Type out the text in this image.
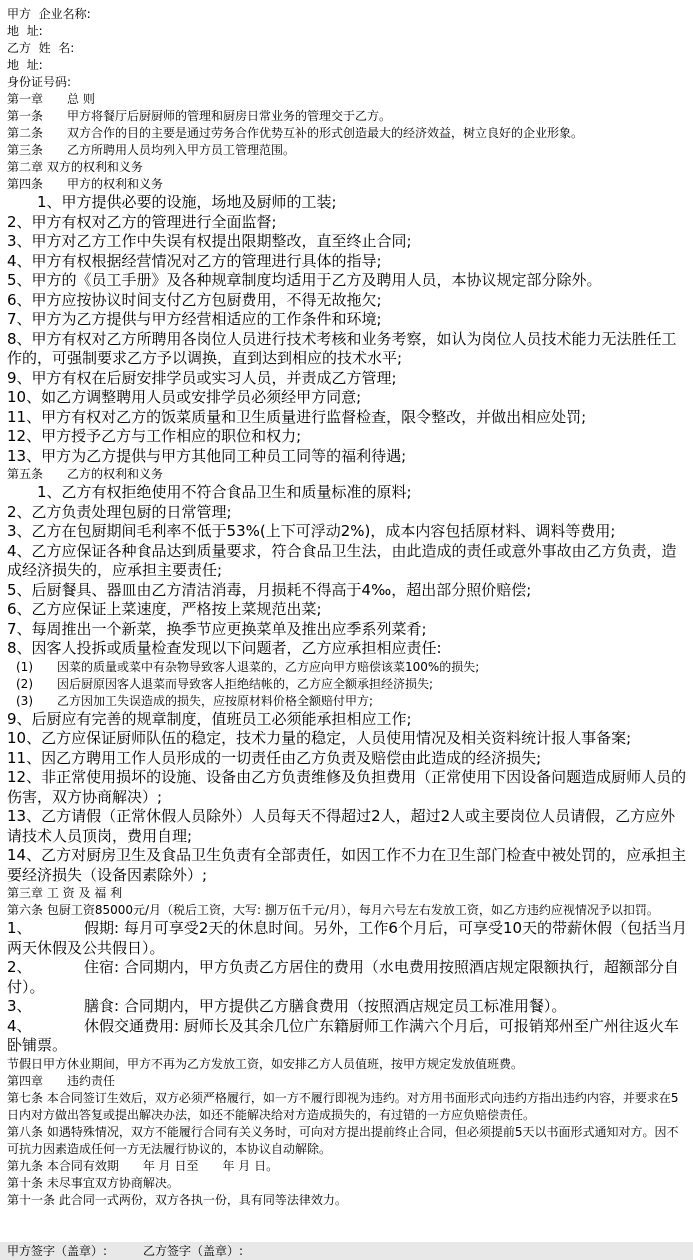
甲方  企业名称:
地  址:
乙方  姓  名:
地  址:
身份证号码:
第一章　　总 则
第一条　　甲方将餐厅后厨厨师的管理和厨房日常业务的管理交于乙方。
第二条　　双方合作的目的主要是通过劳务合作优势互补的形式创造最大的经济效益，树立良好的企业形象。
第三条　　乙方所聘用人员均列入甲方员工管理范围。
第二章 双方的权利和义务
第四条　　甲方的权利和义务
1、甲方提供必要的设施，场地及厨师的工装;
2、甲方有权对乙方的管理进行全面监督;
3、甲方对乙方工作中失误有权提出限期整改，直至终止合同;
4、甲方有权根据经营情况对乙方的管理进行具体的指导;
5、甲方的《员工手册》及各种规章制度均适用于乙方及聘用人员，本协议规定部分除外。
6、甲方应按协议时间支付乙方包厨费用，不得无故拖欠;
7、甲方为乙方提供与甲方经营相适应的工作条件和环境;
8、甲方有权对乙方所聘用各岗位人员进行技术考核和业务考察，如认为岗位人员技术能力无法胜任工作的，可强制要求乙方予以调换，直到达到相应的技术水平;
9、甲方有权在后厨安排学员或实习人员，并责成乙方管理;
10、如乙方调整聘用人员或安排学员必须经甲方同意;
11、甲方有权对乙方的饭菜质量和卫生质量进行监督检查，限令整改，并做出相应处罚;
12、甲方授予乙方与工作相应的职位和权力;
13、甲方为乙方提供与甲方其他同工种员工同等的福利待遇;
第五条　　乙方的权利和义务
1、乙方有权拒绝使用不符合食品卫生和质量标准的原料;
2、乙方负责处理包厨的日常管理;
3、乙方在包厨期间毛利率不低于53%(上下可浮动2%)，成本内容包括原材料、调料等费用;
4、乙方应保证各种食品达到质量要求，符合食品卫生法，由此造成的责任或意外事故由乙方负责，造成经济损失的，应承担主要责任;
5、后厨餐具、器皿由乙方清洁消毒，月损耗不得高于4‰，超出部分照价赔偿;
6、乙方应保证上菜速度，严格按上菜规范出菜;
7、每周推出一个新菜，换季节应更换菜单及推出应季系列菜肴;
8、因客人投拆或质量检查发现以下问题者，乙方应承担相应责任:
(1)　　因菜的质量或菜中有杂物导致客人退菜的，乙方应向甲方赔偿该菜100%的损失;
(2)　　因后厨原因客人退菜而导致客人拒绝结帐的，乙方应全额承担经济损失;
(3)　　乙方因加工失误造成的损失，应按原材料价格全额赔付甲方;
9、后厨应有完善的规章制度，值班员工必须能承担相应工作;
10、乙方应保证厨师队伍的稳定，技术力量的稳定，人员使用情况及相关资料统计报人事备案;
11、因乙方聘用工作人员形成的一切责任由乙方负责及赔偿由此造成的经济损失;
12、非正常使用损坏的设施、设备由乙方负责维修及负担费用（正常使用下因设备问题造成厨师人员的伤害，双方协商解决）;
13、乙方请假（正常休假人员除外）人员每天不得超过2人，超过2人或主要岗位人员请假，乙方应外请技术人员顶岗，费用自理;
14、乙方对厨房卫生及食品卫生负责有全部责任，如因工作不力在卫生部门检查中被处罚的，应承担主要经济损失（设备因素除外）;
第三章 工 资 及 福 利
第六条 包厨工资85000元/月（税后工资，大写: 捌万伍千元/月），每月六号左右发放工资，如乙方违约应视情况予以扣罚。
1、　　　　假期: 每月可享受2天的休息时间。另外，工作6个月后，可享受10天的带薪休假（包括当月两天休假及公共假日）。
2、　　　　住宿: 合同期内，甲方负责乙方居住的费用（水电费用按照酒店规定限额执行，超额部分自付）。
3、　　　　膳食: 合同期内，甲方提供乙方膳食费用（按照酒店规定员工标准用餐）。
4、　　　　休假交通费用: 厨师长及其余几位广东籍厨师工作满六个月后，可报销郑州至广州往返火车卧铺票。
节假日甲方休业期间，甲方不再为乙方发放工资，如安排乙方人员值班，按甲方规定发放值班费。
第四章　　违约责任
第七条 本合同签订生效后，双方必须严格履行，如一方不履行即视为违约。对方用书面形式向违约方指出违约内容，并要求在5日内对方做出答复或提出解决办法，如还不能解决给对方造成损失的，有过错的一方应负赔偿责任。
第八条 如遇特殊情况，双方不能履行合同有关义务时，可向对方提出提前终止合同，但必须提前5天以书面形式通知对方。因不可抗力因素造成任何一方无法履行协议的，本协议自动解除。
第九条 本合同有效期　　年 月 日至　　年 月 日。
第十条 未尽事宜双方协商解决。
第十一条 此合同一式两份，双方各执一份，具有同等法律效力。
甲方签字（盖章）:　　　乙方签字（盖章）:
